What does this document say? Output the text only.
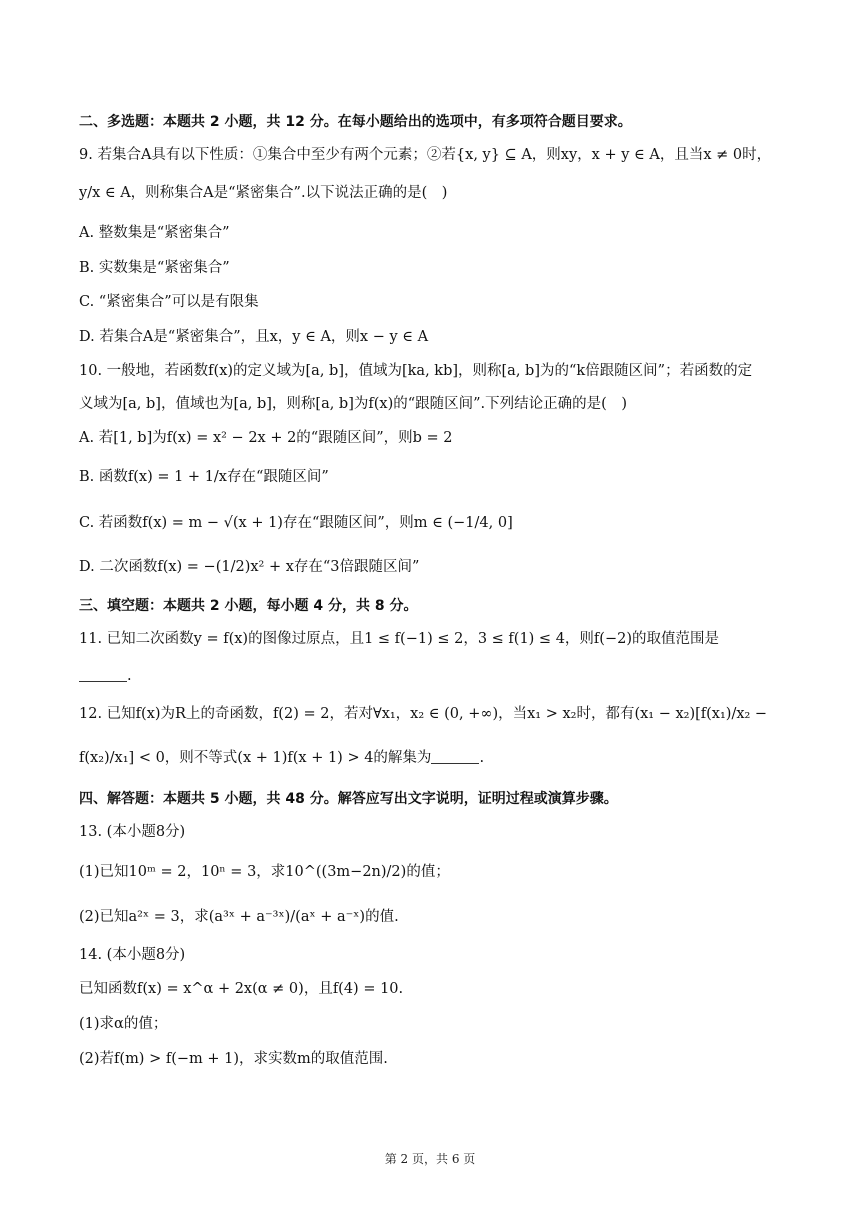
二、多选题：本题共 2 小题，共 12 分。在每小题给出的选项中，有多项符合题目要求。
9. 若集合A具有以下性质：①集合中至少有两个元素；②若{x, y} ⊆ A，则xy，x + y ∈ A，且当x ≠ 0时，
y/x ∈ A，则称集合A是“紧密集合”.以下说法正确的是(　)
A. 整数集是“紧密集合”
B. 实数集是“紧密集合”
C. “紧密集合”可以是有限集
D. 若集合A是“紧密集合”，且x，y ∈ A，则x − y ∈ A
10. 一般地，若函数f(x)的定义域为[a, b]，值域为[ka, kb]，则称[a, b]为的“k倍跟随区间”；若函数的定
义域为[a, b]，值域也为[a, b]，则称[a, b]为f(x)的“跟随区间”.下列结论正确的是(　)
A. 若[1, b]为f(x) = x² − 2x + 2的“跟随区间”，则b = 2
B. 函数f(x) = 1 + 1/x存在“跟随区间”
C. 若函数f(x) = m − √(x + 1)存在“跟随区间”，则m ∈ (−1/4, 0]
D. 二次函数f(x) = −(1/2)x² + x存在“3倍跟随区间”
三、填空题：本题共 2 小题，每小题 4 分，共 8 分。
11. 已知二次函数y = f(x)的图像过原点，且1 ≤ f(−1) ≤ 2，3 ≤ f(1) ≤ 4，则f(−2)的取值范围是
.
12. 已知f(x)为R上的奇函数，f(2) = 2，若对∀x₁，x₂ ∈ (0, +∞)，当x₁ > x₂时，都有(x₁ − x₂)[f(x₁)/x₂ −
f(x₂)/x₁] < 0，则不等式(x + 1)f(x + 1) > 4的解集为	.
四、解答题：本题共 5 小题，共 48 分。解答应写出文字说明，证明过程或演算步骤。
13. (本小题8分)
(1)已知10ᵐ = 2，10ⁿ = 3，求10^((3m−2n)/2)的值；
(2)已知a²ˣ = 3，求(a³ˣ + a⁻³ˣ)/(aˣ + a⁻ˣ)的值.
14. (本小题8分)
已知函数f(x) = x^α + 2x(α ≠ 0)，且f(4) = 10.
(1)求α的值；
(2)若f(m) > f(−m + 1)，求实数m的取值范围.
第 2 页，共 6 页
